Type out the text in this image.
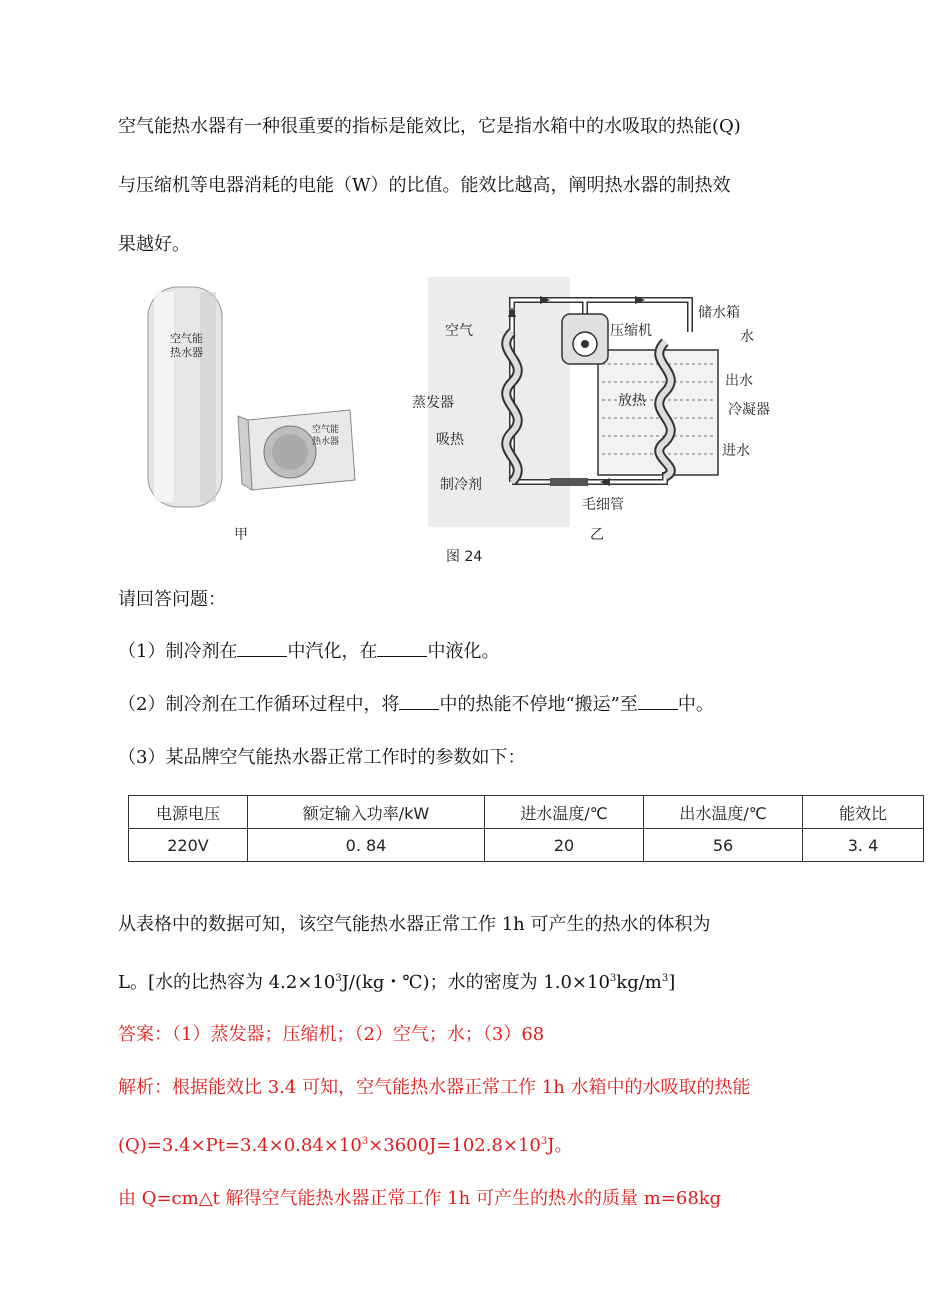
空气能热水器有一种很重要的指标是能效比，它是指水箱中的水吸取的热能(Q)
与压缩机等电器消耗的电能（W）的比值。能效比越高，阐明热水器的制热效
果越好。
空气能
热水器
空气能
热水器
空气
蒸发器
吸热
制冷剂
压缩机
储水箱
水
出水
放热
冷凝器
进水
毛细管
甲	乙
图 24
请回答问题：
（1）制冷剂在	中汽化，在	中液化。
（2）制冷剂在工作循环过程中，将 中的热能不停地“搬运”至 中。
（3）某品牌空气能热水器正常工作时的参数如下：
电源电压	额定输入功率/kW	进水温度/℃	出水温度/℃	能效比
220V	0. 84	20	56	3. 4
从表格中的数据可知，该空气能热水器正常工作 1h 可产生的热水的体积为
L。[水的比热容为 $4.2\times 10^3J/(kg$・℃)；水的密度为 $1.0\times 10^3kg/m^3$]
答案：（1）蒸发器；压缩机；（2）空气；水；（3）68
解析：根据能效比 3.4 可知，空气能热水器正常工作 1h 水箱中的水吸取的热能
$(Q)=3.4\times Pt=3.4\times 0.84\times 10^3\times 3600J=102.8\times 10^3J$。
由 Q=cm△t 解得空气能热水器正常工作 1h 可产生的热水的质量 m=68kg
